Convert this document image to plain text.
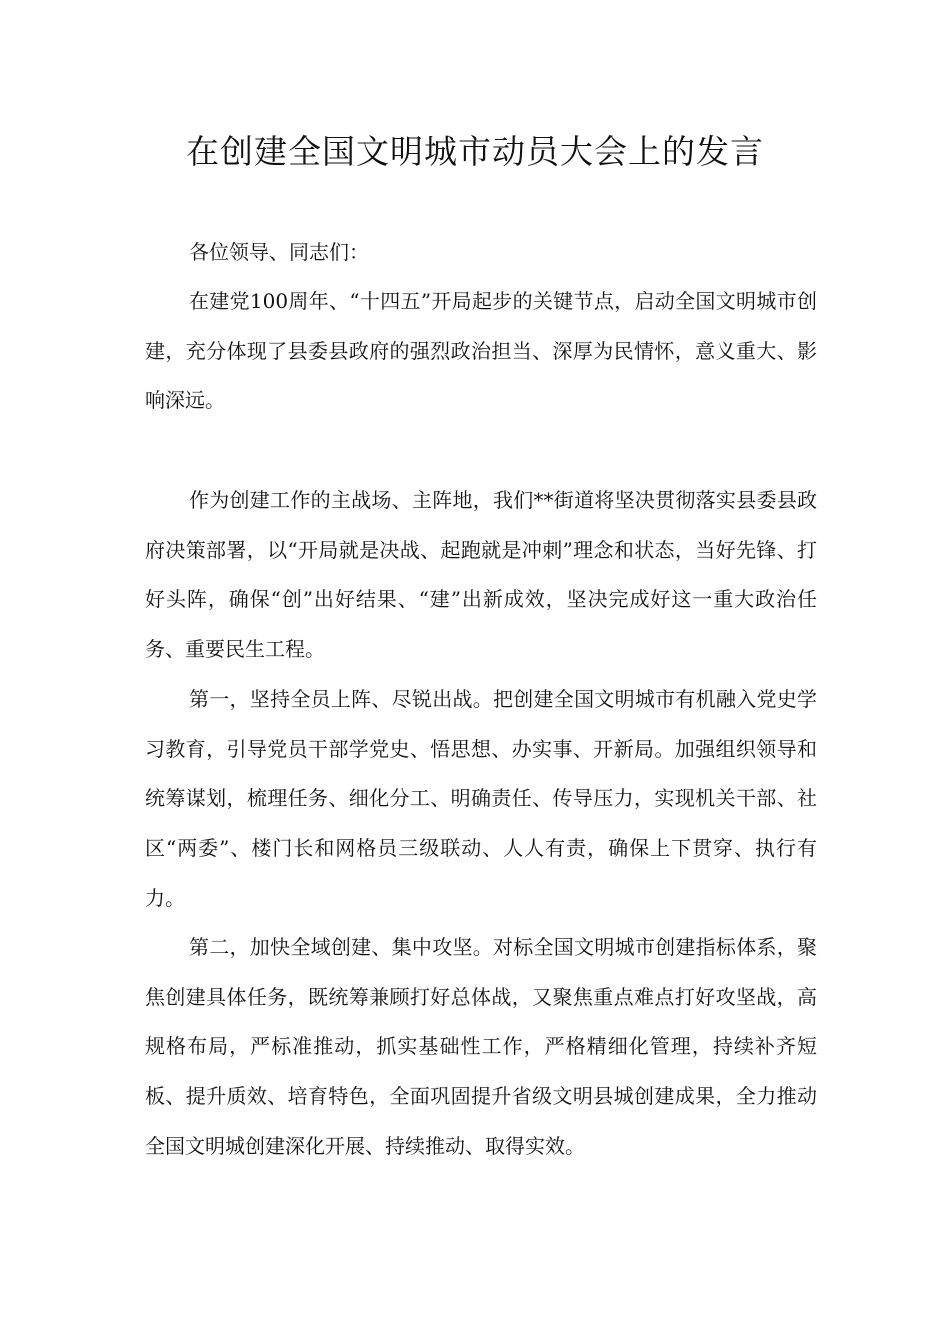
在创建全国文明城市动员大会上的发言

各位领导、同志们：

在建党100周年、“十四五”开局起步的关键节点，启动全国文明城市创建，充分体现了县委县政府的强烈政治担当、深厚为民情怀，意义重大、影响深远。

作为创建工作的主战场、主阵地，我们**街道将坚决贯彻落实县委县政府决策部署，以“开局就是决战、起跑就是冲刺”理念和状态，当好先锋、打好头阵，确保“创”出好结果、“建”出新成效，坚决完成好这一重大政治任务、重要民生工程。

第一，坚持全员上阵、尽锐出战。把创建全国文明城市有机融入党史学习教育，引导党员干部学党史、悟思想、办实事、开新局。加强组织领导和统筹谋划，梳理任务、细化分工、明确责任、传导压力，实现机关干部、社区“两委”、楼门长和网格员三级联动、人人有责，确保上下贯穿、执行有力。

第二，加快全域创建、集中攻坚。对标全国文明城市创建指标体系，聚焦创建具体任务，既统筹兼顾打好总体战，又聚焦重点难点打好攻坚战，高规格布局，严标准推动，抓实基础性工作，严格精细化管理，持续补齐短板、提升质效、培育特色，全面巩固提升省级文明县城创建成果，全力推动全国文明城创建深化开展、持续推动、取得实效。
